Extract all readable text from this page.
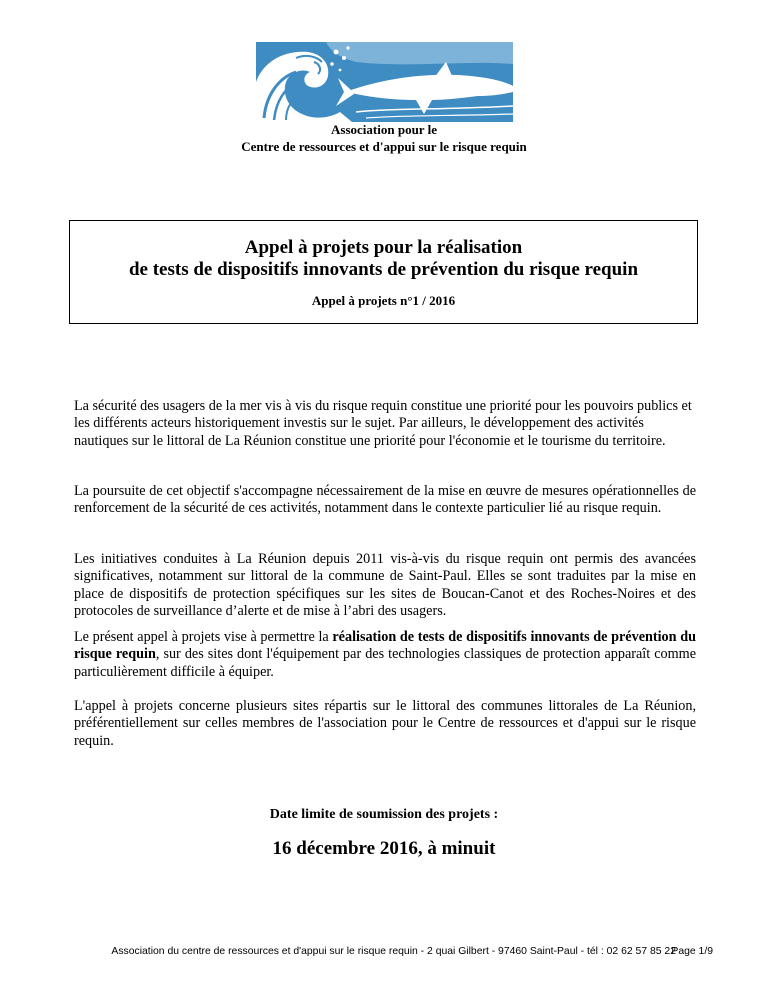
Association pour le
Centre de ressources et d'appui sur le risque requin
Appel à projets pour la réalisation
de tests de dispositifs innovants de prévention du risque requin
Appel à projets n°1 / 2016

La sécurité des usagers de la mer vis à vis du risque requin constitue une priorité pour les pouvoirs publics et les différents acteurs historiquement investis sur le sujet. Par ailleurs, le développement des activités nautiques sur le littoral de La Réunion constitue une priorité pour l'économie et le tourisme du territoire.

La poursuite de cet objectif s'accompagne nécessairement de la mise en œuvre de mesures opérationnelles de renforcement de la sécurité de ces activités, notamment dans le contexte particulier lié au risque requin.

Les initiatives conduites à La Réunion depuis 2011 vis-à-vis du risque requin ont permis des avancées significatives, notamment sur littoral de la commune de Saint-Paul. Elles se sont traduites par la mise en place de dispositifs de protection spécifiques sur les sites de Boucan-Canot et des Roches-Noires et des protocoles de surveillance d’alerte et de mise à l’abri des usagers.

Le présent appel à projets vise à permettre la réalisation de tests de dispositifs innovants de prévention du risque requin, sur des sites dont l'équipement par des technologies classiques de protection apparaît comme particulièrement difficile à équiper.

L'appel à projets concerne plusieurs sites répartis sur le littoral des communes littorales de La Réunion, préférentiellement sur celles membres de l'association pour le Centre de ressources et d'appui sur le risque requin.

Date limite de soumission des projets :
16 décembre 2016, à minuit
Association du centre de ressources et d'appui sur le risque requin - 2 quai Gilbert - 97460 Saint-Paul - tél : 02 62 57 85 22
Page 1/9
